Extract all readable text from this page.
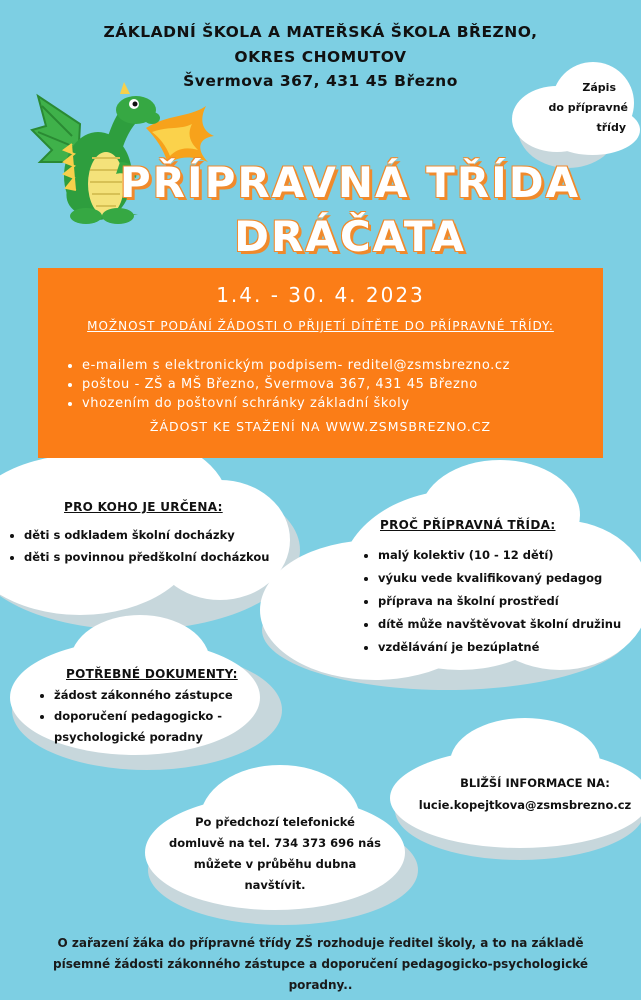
ZÁKLADNÍ ŠKOLA A MATEŘSKÁ ŠKOLA BŘEZNO,
OKRES CHOMUTOV
Švermova 367, 431 45 Březno	Zápis
do přípravné
třídy
PŘÍPRAVNÁ TŘÍDA
DRÁČATA
1.4. - 30. 4. 2023
MOŽNOST PODÁNÍ ŽÁDOSTI O PŘIJETÍ DÍTĚTE DO PŘÍPRAVNÉ TŘÍDY:
• e-mailem s elektronickým podpisem- reditel@zsmsbrezno.cz
• poštou - ZŠ a MŠ Březno, Švermova 367, 431 45 Březno
• vhozením do poštovní schránky základní školy
ŽÁDOST KE STAŽENÍ NA WWW.ZSMSBREZNO.CZ
PRO KOHO JE URČENA:
• děti s odkladem školní docházky
• děti s povinnou předškolní docházkou
PROČ PŘÍPRAVNÁ TŘÍDA:
• malý kolektiv (10 - 12 dětí)
• výuku vede kvalifikovaný pedagog
• příprava na školní prostředí
• dítě může navštěvovat školní družinu
• vzdělávání je bezúplatné
POTŘEBNÉ DOKUMENTY:
• žádost zákonného zástupce
• doporučení pedagogicko - psychologické poradny
BLIŽŠÍ INFORMACE NA:
lucie.kopejtkova@zsmsbrezno.cz
Po předchozí telefonické
domluvě na tel. 734 373 696 nás
můžete v průběhu dubna
navštívit.
O zařazení žáka do přípravné třídy ZŠ rozhoduje ředitel školy, a to na základě
písemné žádosti zákonného zástupce a doporučení pedagogicko-psychologické poradny..
